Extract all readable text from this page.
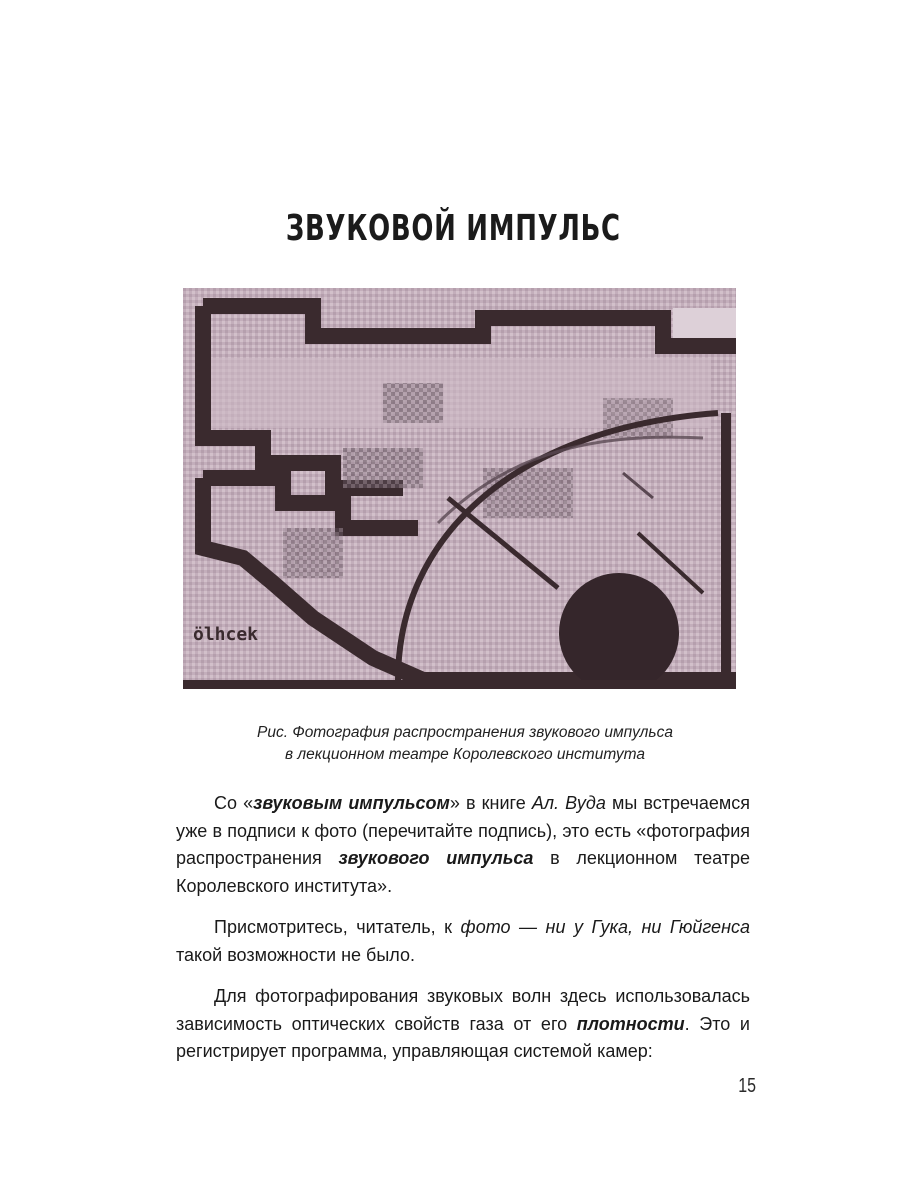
ЗВУКОВОЙ ИМПУЛЬС
ölhcek
Рис. Фотография распространения звукового импульса
в лекционном театре Королевского института

Со «звуковым импульсом» в книге Ал. Вуда мы встречаемся уже в подписи к фото (перечитайте подпись), это есть «фотография распространения звукового импульса в лекционном театре Королевского института».

Присмотритесь, читатель, к фото — ни у Гука, ни Гюйгенса такой возможности не было.

Для фотографирования звуковых волн здесь использовалась зависимость оптических свойств газа от его плотности. Это и регистрирует программа, управляющая системой камер:

15
